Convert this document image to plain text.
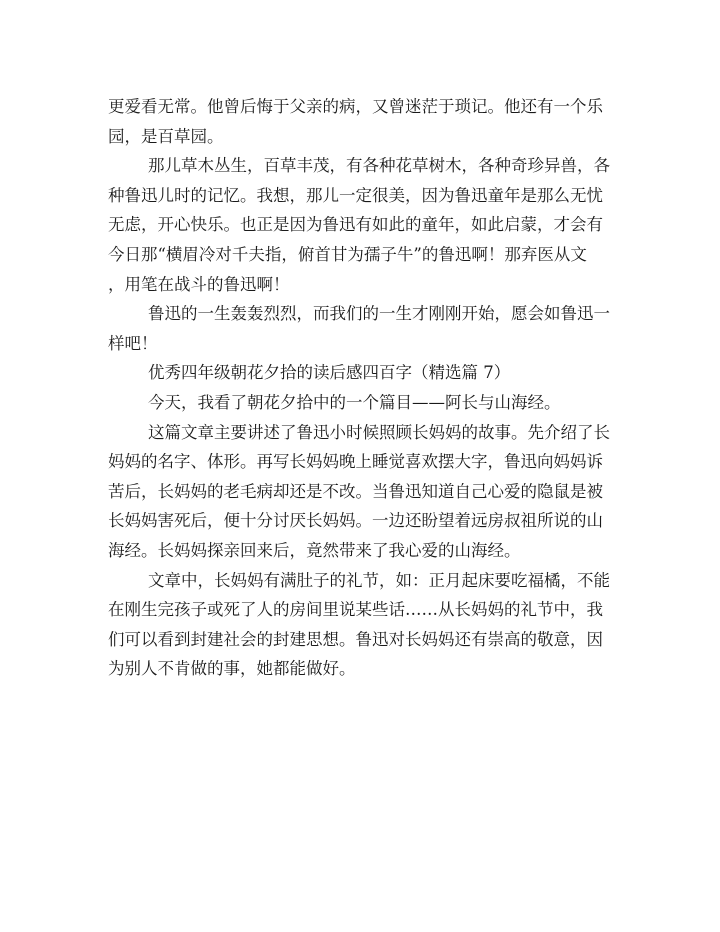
更爱看无常。他曾后悔于父亲的病，又曾迷茫于琐记。他还有一个乐
园，是百草园。
那儿草木丛生，百草丰茂，有各种花草树木，各种奇珍异兽，各
种鲁迅儿时的记忆。我想，那儿一定很美，因为鲁迅童年是那么无忧
无虑，开心快乐。也正是因为鲁迅有如此的童年，如此启蒙，才会有
今日那“横眉冷对千夫指，俯首甘为孺子牛”的鲁迅啊！那弃医从文
，用笔在战斗的鲁迅啊！
鲁迅的一生轰轰烈烈，而我们的一生才刚刚开始，愿会如鲁迅一
样吧！
优秀四年级朝花夕拾的读后感四百字（精选篇 7）
今天，我看了朝花夕拾中的一个篇目——阿长与山海经。
这篇文章主要讲述了鲁迅小时候照顾长妈妈的故事。先介绍了长
妈妈的名字、体形。再写长妈妈晚上睡觉喜欢摆大字，鲁迅向妈妈诉
苦后，长妈妈的老毛病却还是不改。当鲁迅知道自己心爱的隐鼠是被
长妈妈害死后，便十分讨厌长妈妈。一边还盼望着远房叔祖所说的山
海经。长妈妈探亲回来后，竟然带来了我心爱的山海经。
文章中，长妈妈有满肚子的礼节，如：正月起床要吃福橘，不能
在刚生完孩子或死了人的房间里说某些话……从长妈妈的礼节中，我
们可以看到封建社会的封建思想。鲁迅对长妈妈还有崇高的敬意，因
为别人不肯做的事，她都能做好。
